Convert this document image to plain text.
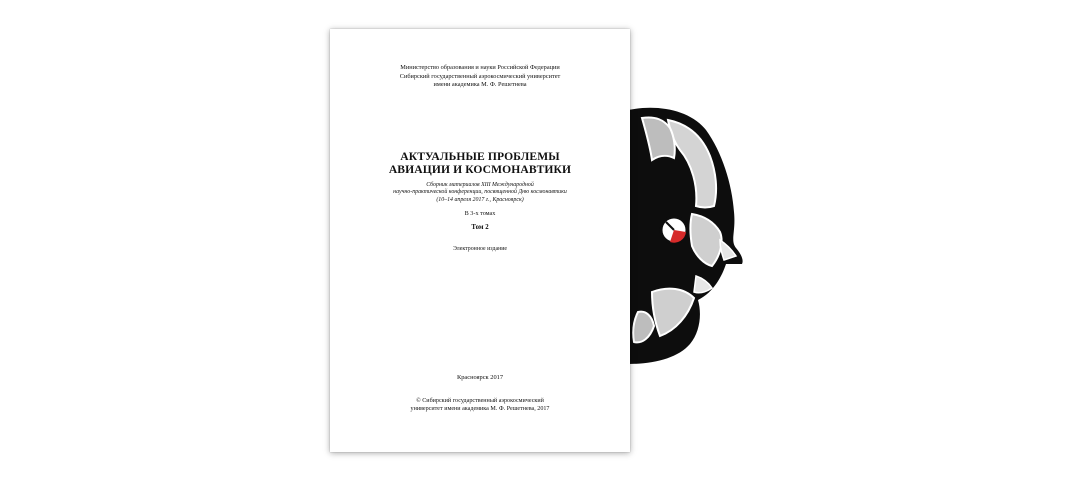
Министерство образования и науки Российской Федерации
Сибирский государственный аэрокосмический университет
имени академика М. Ф. Решетнева
АКТУАЛЬНЫЕ ПРОБЛЕМЫ
АВИАЦИИ И КОСМОНАВТИКИ
Сборник материалов XIII Международной
научно-практической конференции, посвященной Дню космонавтики
(10–14 апреля 2017 г., Красноярск)
В 3-х томах
Том 2
Электронное издание
Красноярск 2017
© Сибирский государственный аэрокосмический
университет имени академика М. Ф. Решетнева, 2017
